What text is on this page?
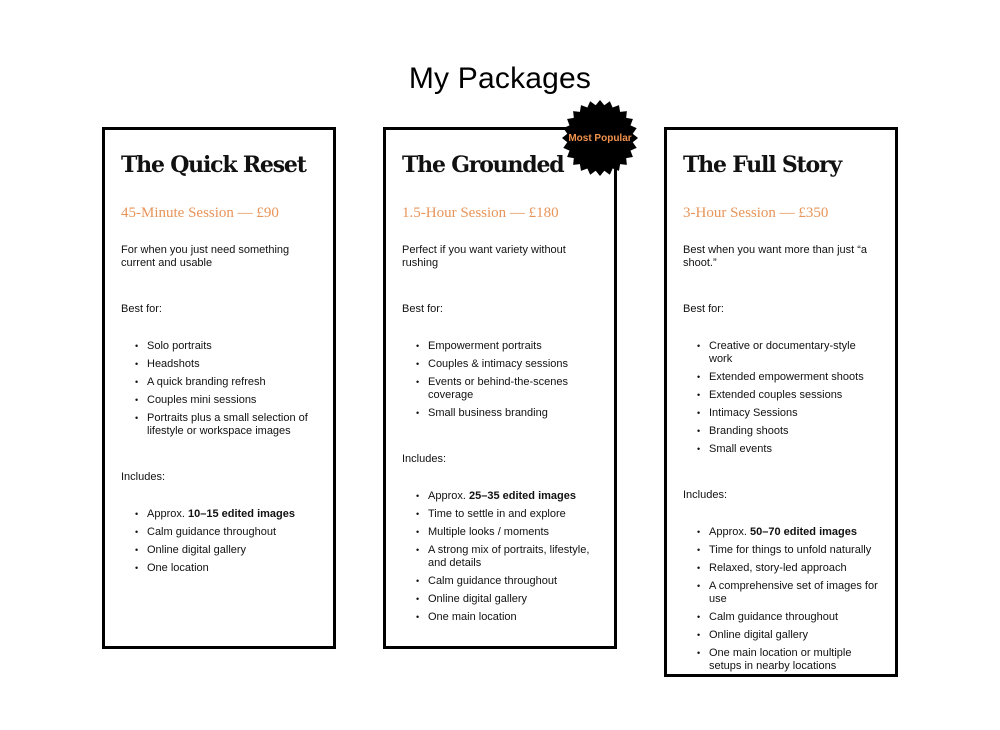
My Packages
The Quick Reset
45-Minute Session — £90
For when you just need something current and usable
Best for:
• Solo portraits
• Headshots
• A quick branding refresh
• Couples mini sessions
• Portraits plus a small selection of lifestyle or workspace images
Includes:
• Approx. 10–15 edited images
• Calm guidance throughout
• Online digital gallery
• One location
The Grounded
1.5-Hour Session — £180
Perfect if you want variety without rushing
Best for:
• Empowerment portraits
• Couples & intimacy sessions
• Events or behind-the-scenes coverage
• Small business branding
Includes:
• Approx. 25–35 edited images
• Time to settle in and explore
• Multiple looks / moments
• A strong mix of portraits, lifestyle, and details
• Calm guidance throughout
• Online digital gallery
• One main location
The Full Story
3-Hour Session — £350
Best when you want more than just “a shoot.”
Best for:
• Creative or documentary-style work
• Extended empowerment shoots
• Extended couples sessions
• Intimacy Sessions
• Branding shoots
• Small events
Includes:
• Approx. 50–70 edited images
• Time for things to unfold naturally
• Relaxed, story-led approach
• A comprehensive set of images for use
• Calm guidance throughout
• Online digital gallery
• One main location or multiple setups in nearby locations
Most Popular
